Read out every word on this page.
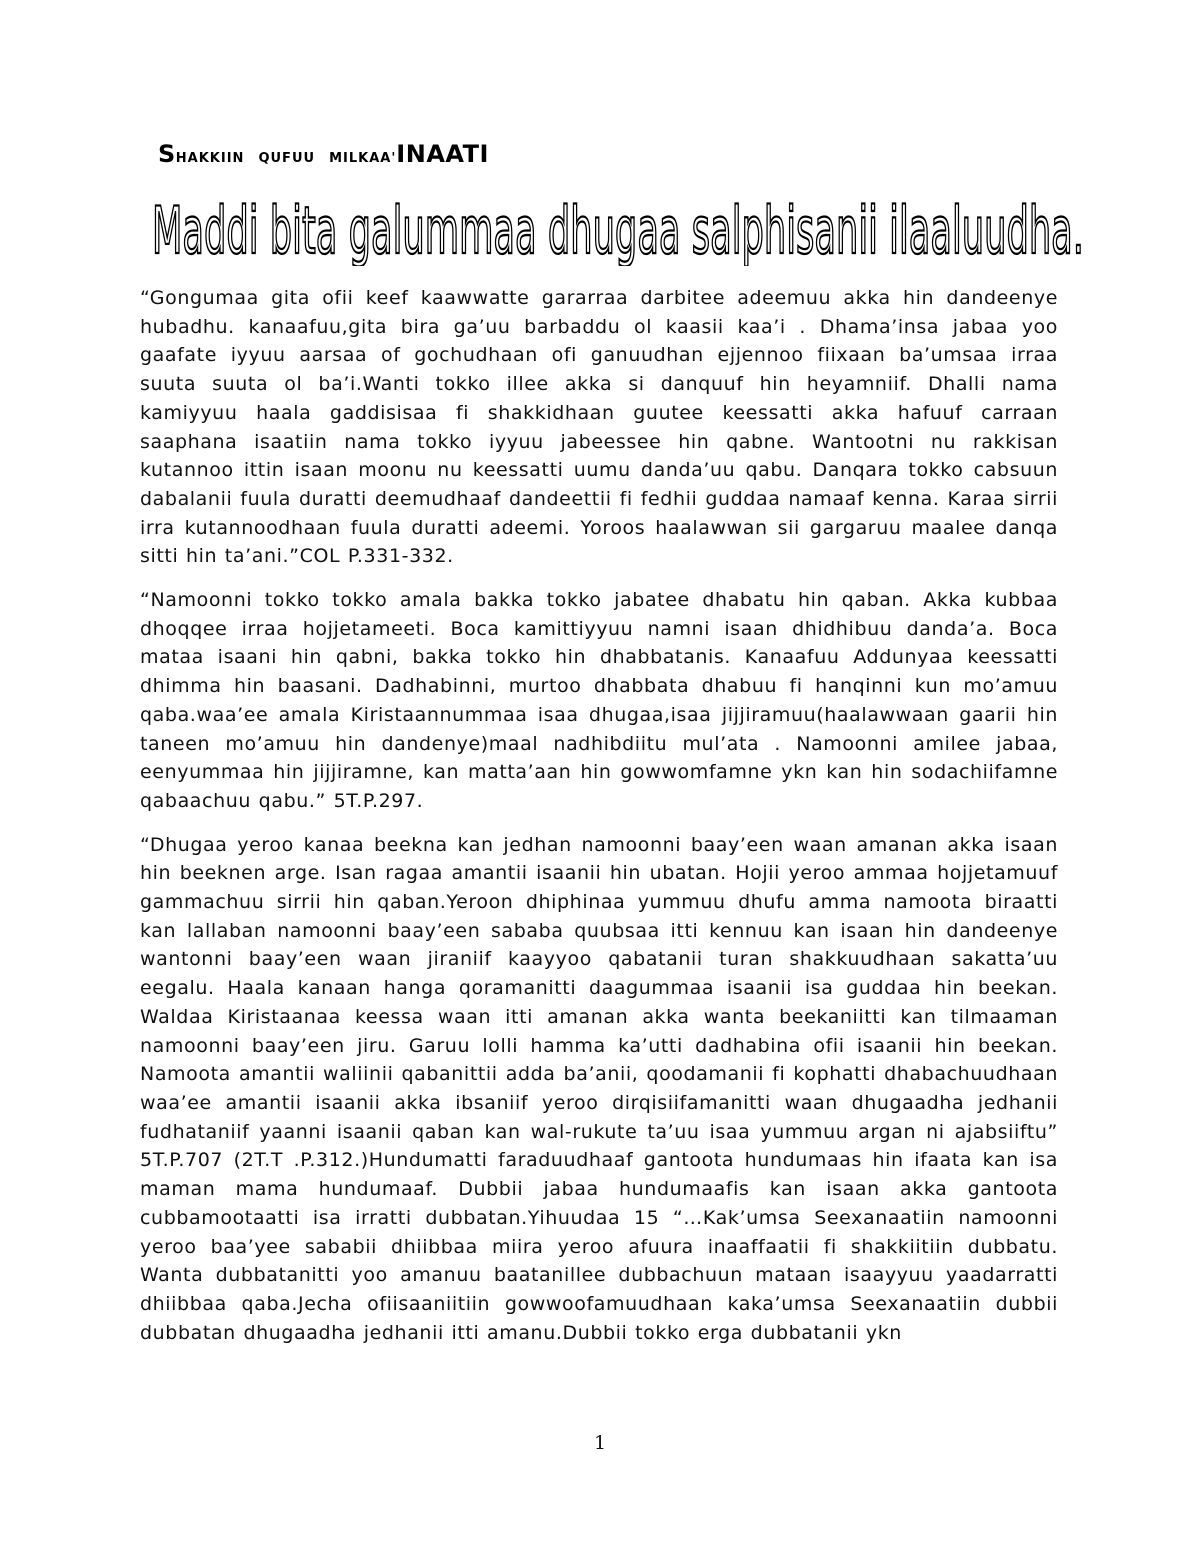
SHAKKIIN QUFUU MILKAA'INAATI
Maddi bita galummaa dhugaa salphisanii ilaaluudha.

“Gongumaa gita ofii keef kaawwatte gararraa darbitee adeemuu akka hin dandeenye hubadhu. kanaafuu,gita bira ga’uu barbaddu ol kaasii kaa’i . Dhama’insa jabaa yoo gaafate iyyuu aarsaa of gochudhaan ofi ganuudhan ejjennoo fiixaan ba’umsaa irraa suuta suuta ol ba’i.Wanti tokko illee akka si danquuf hin heyamniif. Dhalli nama kamiyyuu haala gaddisisaa fi shakkidhaan guutee keessatti akka hafuuf carraan saaphana isaatiin nama tokko iyyuu jabeessee hin qabne. Wantootni nu rakkisan kutannoo ittin isaan moonu nu keessatti uumu danda’uu qabu. Danqara tokko cabsuun dabalanii fuula duratti deemudhaaf dandeettii fi fedhii guddaa namaaf kenna. Karaa sirrii irra kutannoodhaan fuula duratti adeemi. Yoroos haalawwan sii gargaruu maalee danqa sitti hin ta’ani.”COL P.331-332.

“Namoonni tokko tokko amala bakka tokko jabatee dhabatu hin qaban. Akka kubbaa dhoqqee irraa hojjetameeti. Boca kamittiyyuu namni isaan dhidhibuu danda’a. Boca mataa isaani hin qabni, bakka tokko hin dhabbatanis. Kanaafuu Addunyaa keessatti dhimma hin baasani. Dadhabinni, murtoo dhabbata dhabuu fi hanqinni kun mo’amuu qaba.waa’ee amala Kiristaannummaa isaa dhugaa,isaa jijjiramuu(haalawwaan gaarii hin taneen mo’amuu hin dandenye)maal nadhibdiitu mul’ata . Namoonni amilee jabaa, eenyummaa hin jijjiramne, kan matta’aan hin gowwomfamne ykn kan hin sodachiifamne qabaachuu qabu.” 5T.P.297.

“Dhugaa yeroo kanaa beekna kan jedhan namoonni baay’een waan amanan akka isaan hin beeknen arge. Isan ragaa amantii isaanii hin ubatan. Hojii yeroo ammaa hojjetamuuf gammachuu sirrii hin qaban.Yeroon dhiphinaa yummuu dhufu amma namoota biraatti kan lallaban namoonni baay’een sababa quubsaa itti kennuu kan isaan hin dandeenye wantonni baay’een waan jiraniif kaayyoo qabatanii turan shakkuudhaan sakatta’uu eegalu. Haala kanaan hanga qoramanitti daagummaa isaanii isa guddaa hin beekan. Waldaa Kiristaanaa keessa waan itti amanan akka wanta beekaniitti kan tilmaaman namoonni baay’een jiru. Garuu lolli hamma ka’utti dadhabina ofii isaanii hin beekan. Namoota amantii waliinii qabanittii adda ba’anii, qoodamanii fi kophatti dhabachuudhaan waa’ee amantii isaanii akka ibsaniif yeroo dirqisiifamanitti waan dhugaadha jedhanii fudhataniif yaanni isaanii qaban kan wal-rukute ta’uu isaa yummuu argan ni ajabsiiftu” 5T.P.707 (2T.T .P.312.)Hundumatti faraduudhaaf gantoota hundumaas hin ifaata kan isa maman mama hundumaaf. Dubbii jabaa hundumaafis kan isaan akka gantoota cubbamootaatti isa irratti dubbatan.Yihuudaa 15 “…Kak’umsa Seexanaatiin namoonni yeroo baa’yee sababii dhiibbaa miira yeroo afuura inaaffaatii fi shakkiitiin dubbatu. Wanta dubbatanitti yoo amanuu baatanillee dubbachuun mataan isaayyuu yaadarratti dhiibbaa qaba.Jecha ofiisaaniitiin gowwoofamuudhaan kaka’umsa Seexanaatiin dubbii dubbatan dhugaadha jedhanii itti amanu.Dubbii tokko erga dubbatanii ykn

1
